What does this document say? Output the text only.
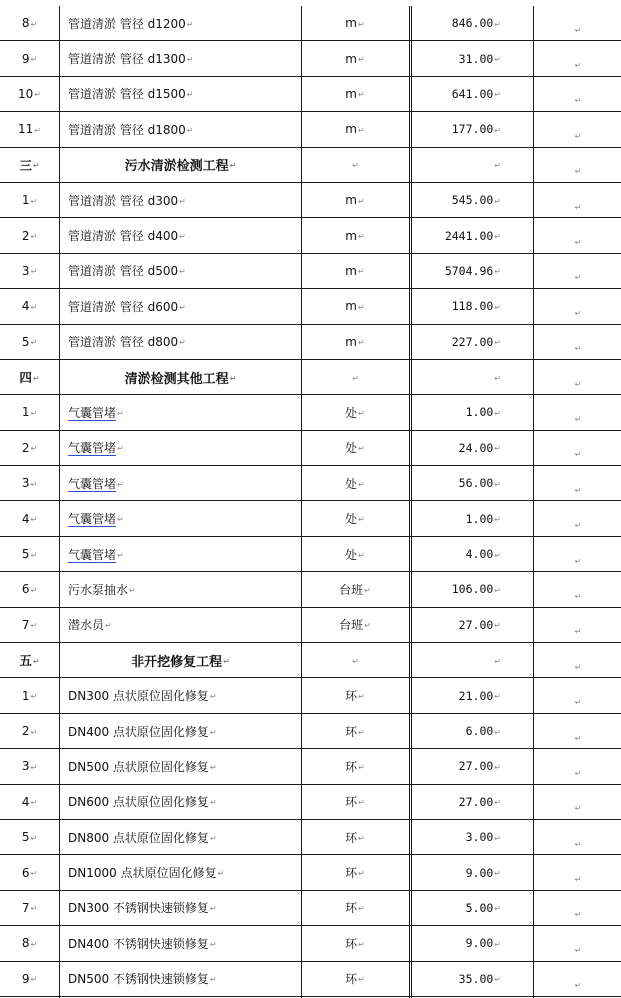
8 ↵	管道清淤 管径 d1200 ↵	m ↵	846.00 ↵
↵
9 ↵	管道清淤 管径 d1300 ↵	m ↵	31.00 ↵
↵
10 ↵ 管道清淤 管径 d1500 ↵	m ↵	641.00 ↵
↵
11 ↵ 管道清淤 管径 d1800 ↵	m ↵	177.00 ↵
↵
三 ↵	污水清淤检测工程 ↵	↵	↵
↵
1 ↵	管道清淤 管径 d300 ↵	m ↵	545.00 ↵
↵
2 ↵	管道清淤 管径 d400 ↵	m ↵	2441.00 ↵
↵
3 ↵	管道清淤 管径 d500 ↵	m ↵	5704.96 ↵
↵
4 ↵	管道清淤 管径 d600 ↵	m ↵	118.00 ↵
↵
5 ↵	管道清淤 管径 d800 ↵	m ↵	227.00 ↵
↵
四 ↵	清淤检测其他工程 ↵	↵	↵
↵
1 ↵	气囊管堵 ↵	处 ↵	1.00 ↵
↵
2 ↵	气囊管堵 ↵	处 ↵	24.00 ↵
↵
3 ↵	气囊管堵 ↵	处 ↵	56.00 ↵
↵
4 ↵	气囊管堵 ↵	处 ↵	1.00 ↵
↵
5 ↵	气囊管堵 ↵	处 ↵	4.00 ↵
↵
6 ↵	污水泵抽水 ↵	台班 ↵	106.00 ↵
↵
7 ↵	潜水员 ↵	台班 ↵	27.00 ↵
↵
五 ↵	非开挖修复工程 ↵	↵	↵
↵
1 ↵	DN300 点状原位固化修复 ↵	环 ↵	21.00 ↵
↵
2 ↵	DN400 点状原位固化修复 ↵	环 ↵	6.00 ↵
↵
3 ↵	DN500 点状原位固化修复 ↵	环 ↵	27.00 ↵
↵
4 ↵	DN600 点状原位固化修复 ↵	环 ↵	27.00 ↵
↵
5 ↵	DN800 点状原位固化修复 ↵	环 ↵	3.00 ↵
↵
6 ↵	DN1000 点状原位固化修复 ↵	环 ↵	9.00 ↵
↵
7 ↵	DN300 不锈钢快速锁修复 ↵	环 ↵	5.00 ↵
↵
8 ↵	DN400 不锈钢快速锁修复 ↵	环 ↵	9.00 ↵
↵
9 ↵	DN500 不锈钢快速锁修复 ↵	环 ↵	35.00 ↵
↵
